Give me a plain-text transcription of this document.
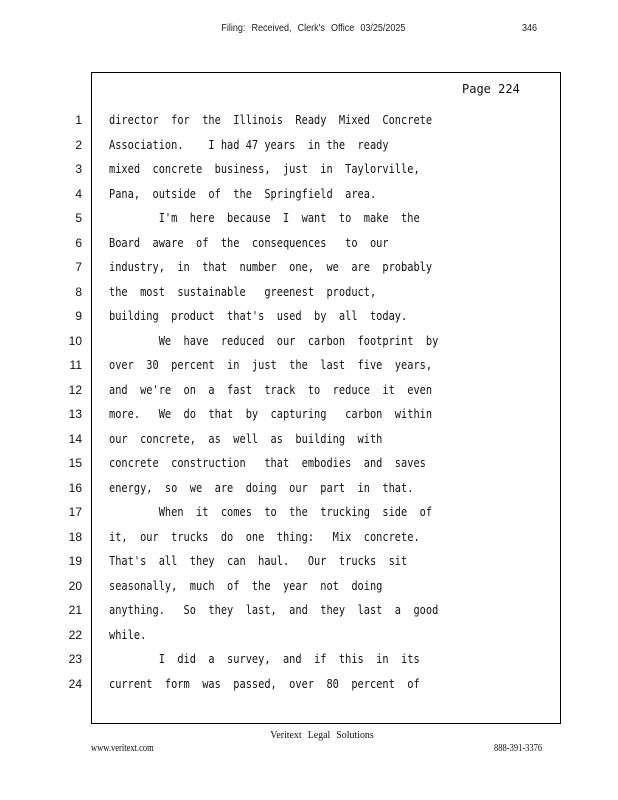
Filing: Received, Clerk's Office 03/25/2025	346
Page 224
1 director  for  the  Illinois  Ready  Mixed  Concrete
2 Association.    I had 47 years  in the  ready
3 mixed  concrete  business,  just  in  Taylorville,
4 Pana,  outside  of  the  Springfield  area.
5 I'm  here  because  I  want  to  make  the
6 Board  aware  of  the  consequences   to  our
7 industry,  in  that  number  one,  we  are  probably
8 the  most  sustainable   greenest  product,
9 building  product  that's  used  by  all  today.
10 We  have  reduced  our  carbon  footprint  by
11 over  30  percent  in  just  the  last  five  years,
12 and  we're  on  a  fast  track  to  reduce  it  even
13 more.   We  do  that  by  capturing   carbon  within
14 our  concrete,  as  well  as  building  with
15 concrete  construction   that  embodies  and  saves
16 energy,  so  we  are  doing  our  part  in  that.
17 When  it  comes  to  the  trucking  side  of
18 it,  our  trucks  do  one  thing:   Mix  concrete.
19 That's  all  they  can  haul.   Our  trucks  sit
20 seasonally,  much  of  the  year  not  doing
21 anything.   So  they  last,  and  they  last  a  good
22 while.
23 I  did  a  survey,  and  if  this  in  its
24 current  form  was  passed,  over  80  percent  of
Veritext Legal Solutions
www.veritext.com	888-391-3376
